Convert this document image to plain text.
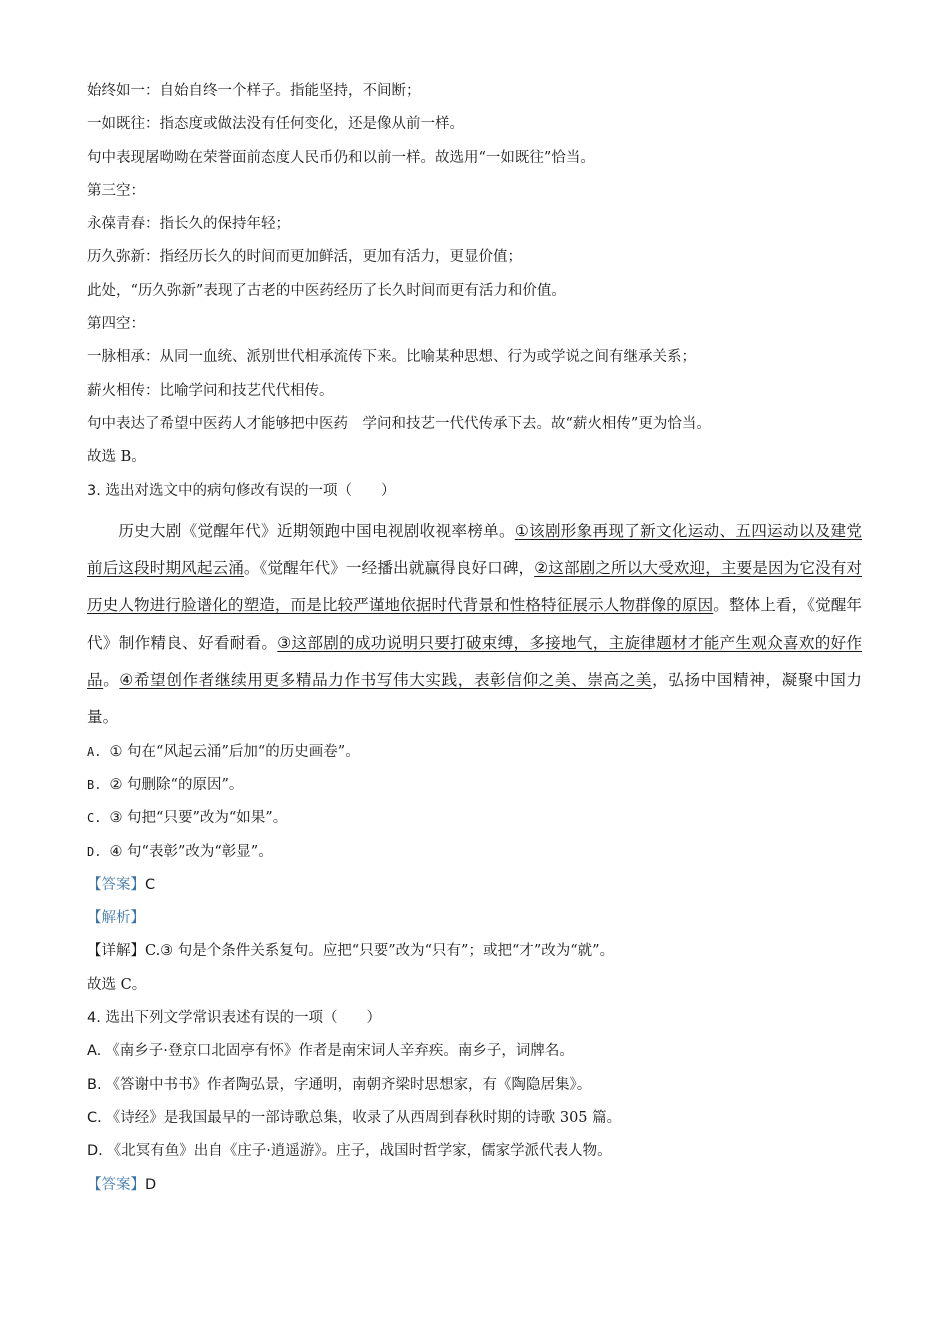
始终如一：自始自终一个样子。指能坚持，不间断；
一如既往：指态度或做法没有任何变化，还是像从前一样。
句中表现屠呦呦在荣誉面前态度人民币仍和以前一样。故选用“一如既往”恰当。
第三空：
永葆青春：指长久的保持年轻；
历久弥新：指经历长久的时间而更加鲜活，更加有活力，更显价值；
此处，“历久弥新”表现了古老的中医药经历了长久时间而更有活力和价值。
第四空：
一脉相承：从同一血统、派别世代相承流传下来。比喻某种思想、行为或学说之间有继承关系；
薪火相传：比喻学问和技艺代代相传。
句中表达了希望中医药人才能够把中医药　学问和技艺一代代传承下去。故“薪火相传”更为恰当。
故选 B。
3. 选出对选文中的病句修改有误的一项（　　）
历史大剧《觉醒年代》近期领跑中国电视剧收视率榜单。①该剧形象再现了新文化运动、五四运动以及建党前后这段时期风起云涌。《觉醒年代》一经播出就赢得良好口碑，②这部剧之所以大受欢迎，主要是因为它没有对历史人物进行脸谱化的塑造，而是比较严谨地依据时代背景和性格特征展示人物群像的原因。整体上看，《觉醒年代》制作精良、好看耐看。③这部剧的成功说明只要打破束缚，多接地气，主旋律题材才能产生观众喜欢的好作品。④希望创作者继续用更多精品力作书写伟大实践，表彰信仰之美、崇高之美，弘扬中国精神，凝聚中国力量。
A. ① 句在“风起云涌”后加“的历史画卷”。
B. ② 句删除“的原因”。
C. ③ 句把“只要”改为“如果”。
D. ④ 句“表彰”改为“彰显”。
【答案】C
【解析】
【详解】C.③ 句是个条件关系复句。应把“只要”改为“只有”；或把“才”改为“就”。
故选 C。
4. 选出下列文学常识表述有误的一项（　　）
A. 《南乡子·登京口北固亭有怀》作者是南宋词人辛弃疾。南乡子，词牌名。
B. 《答谢中书书》作者陶弘景，字通明，南朝齐梁时思想家，有《陶隐居集》。
C. 《诗经》是我国最早的一部诗歌总集，收录了从西周到春秋时期的诗歌 305 篇。
D. 《北冥有鱼》出自《庄子·逍遥游》。庄子，战国时哲学家，儒家学派代表人物。
【答案】D
